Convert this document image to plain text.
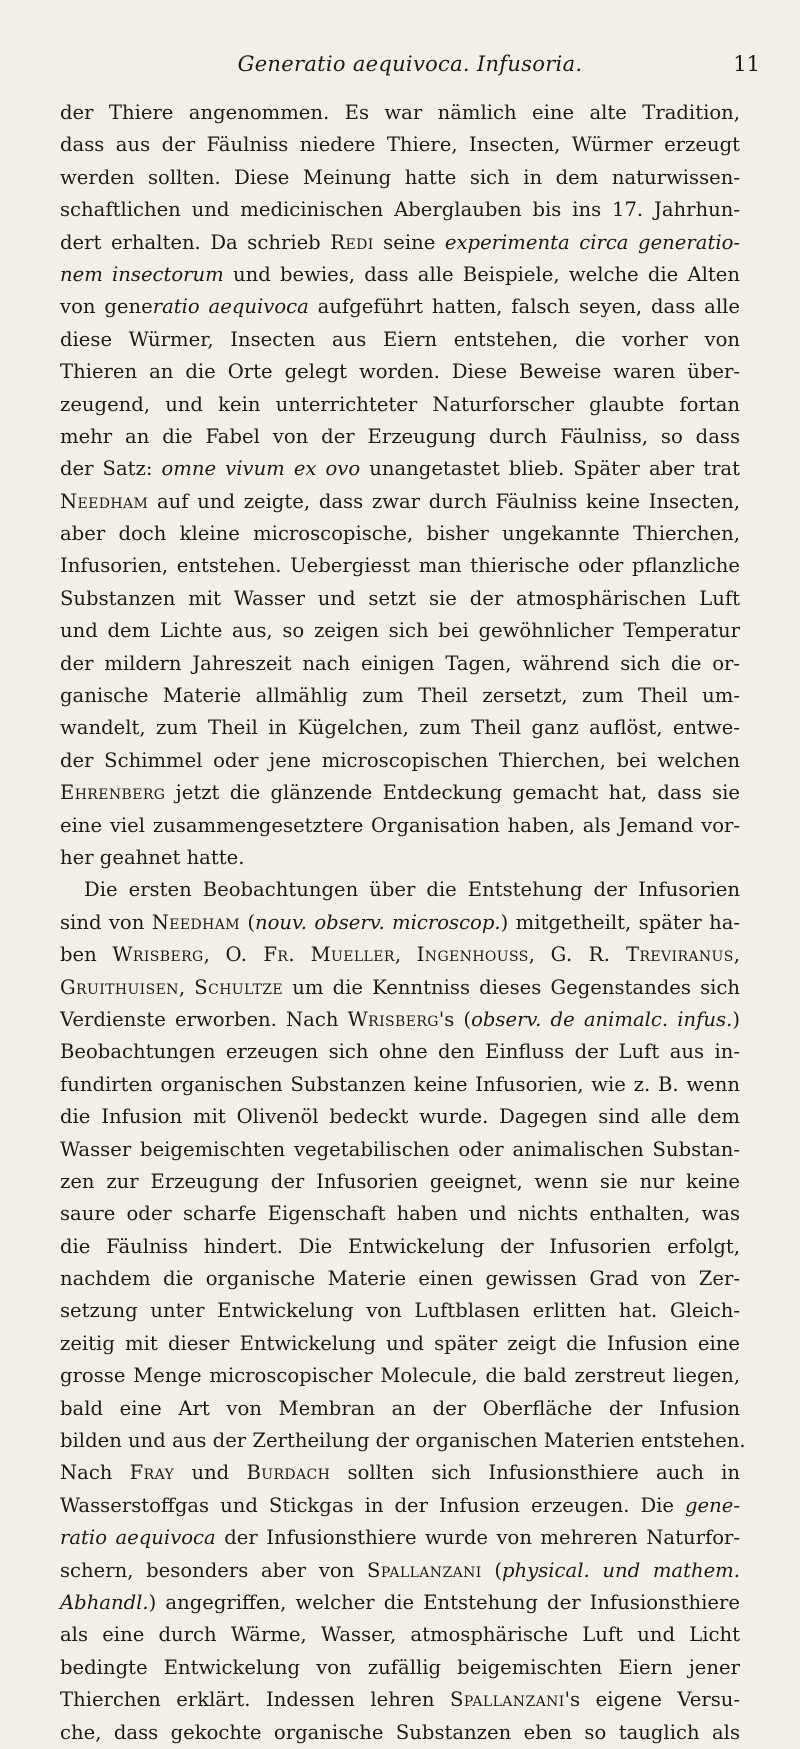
Generatio aequivoca. Infusoria.	11
der Thiere angenommen. Es war nämlich eine alte Tradition,
dass aus der Fäulniss niedere Thiere, Insecten, Würmer erzeugt
werden sollten. Diese Meinung hatte sich in dem naturwissen-
schaftlichen und medicinischen Aberglauben bis ins 17. Jahrhun-
dert erhalten. Da schrieb Redi seine experimenta circa generatio-
nem insectorum und bewies, dass alle Beispiele, welche die Alten
von generatio aequivoca aufgeführt hatten, falsch seyen, dass alle
diese Würmer, Insecten aus Eiern entstehen, die vorher von
Thieren an die Orte gelegt worden. Diese Beweise waren über-
zeugend, und kein unterrichteter Naturforscher glaubte fortan
mehr an die Fabel von der Erzeugung durch Fäulniss, so dass
der Satz: omne vivum ex ovo unangetastet blieb. Später aber trat
Needham auf und zeigte, dass zwar durch Fäulniss keine Insecten,
aber doch kleine microscopische, bisher ungekannte Thierchen,
Infusorien, entstehen. Uebergiesst man thierische oder pflanzliche
Substanzen mit Wasser und setzt sie der atmosphärischen Luft
und dem Lichte aus, so zeigen sich bei gewöhnlicher Temperatur
der mildern Jahreszeit nach einigen Tagen, während sich die or-
ganische Materie allmählig zum Theil zersetzt, zum Theil um-
wandelt, zum Theil in Kügelchen, zum Theil ganz auflöst, entwe-
der Schimmel oder jene microscopischen Thierchen, bei welchen
Ehrenberg jetzt die glänzende Entdeckung gemacht hat, dass sie
eine viel zusammengesetztere Organisation haben, als Jemand vor-
her geahnet hatte.
Die ersten Beobachtungen über die Entstehung der Infusorien
sind von Needham (nouv. observ. microscop.) mitgetheilt, später ha-
ben Wrisberg, O. Fr. Mueller, Ingenhouss, G. R. Treviranus,
Gruithuisen, Schultze um die Kenntniss dieses Gegenstandes sich
Verdienste erworben. Nach Wrisberg's (observ. de animalc. infus.)
Beobachtungen erzeugen sich ohne den Einfluss der Luft aus in-
fundirten organischen Substanzen keine Infusorien, wie z. B. wenn
die Infusion mit Olivenöl bedeckt wurde. Dagegen sind alle dem
Wasser beigemischten vegetabilischen oder animalischen Substan-
zen zur Erzeugung der Infusorien geeignet, wenn sie nur keine
saure oder scharfe Eigenschaft haben und nichts enthalten, was
die Fäulniss hindert. Die Entwickelung der Infusorien erfolgt,
nachdem die organische Materie einen gewissen Grad von Zer-
setzung unter Entwickelung von Luftblasen erlitten hat. Gleich-
zeitig mit dieser Entwickelung und später zeigt die Infusion eine
grosse Menge microscopischer Molecule, die bald zerstreut liegen,
bald eine Art von Membran an der Oberfläche der Infusion
bilden und aus der Zertheilung der organischen Materien entstehen.
Nach Fray und Burdach sollten sich Infusionsthiere auch in
Wasserstoffgas und Stickgas in der Infusion erzeugen. Die gene-
ratio aequivoca der Infusionsthiere wurde von mehreren Naturfor-
schern, besonders aber von Spallanzani (physical. und mathem.
Abhandl.) angegriffen, welcher die Entstehung der Infusionsthiere
als eine durch Wärme, Wasser, atmosphärische Luft und Licht
bedingte Entwickelung von zufällig beigemischten Eiern jener
Thierchen erklärt. Indessen lehren Spallanzani's eigene Versu-
che, dass gekochte organische Substanzen eben so tauglich als
